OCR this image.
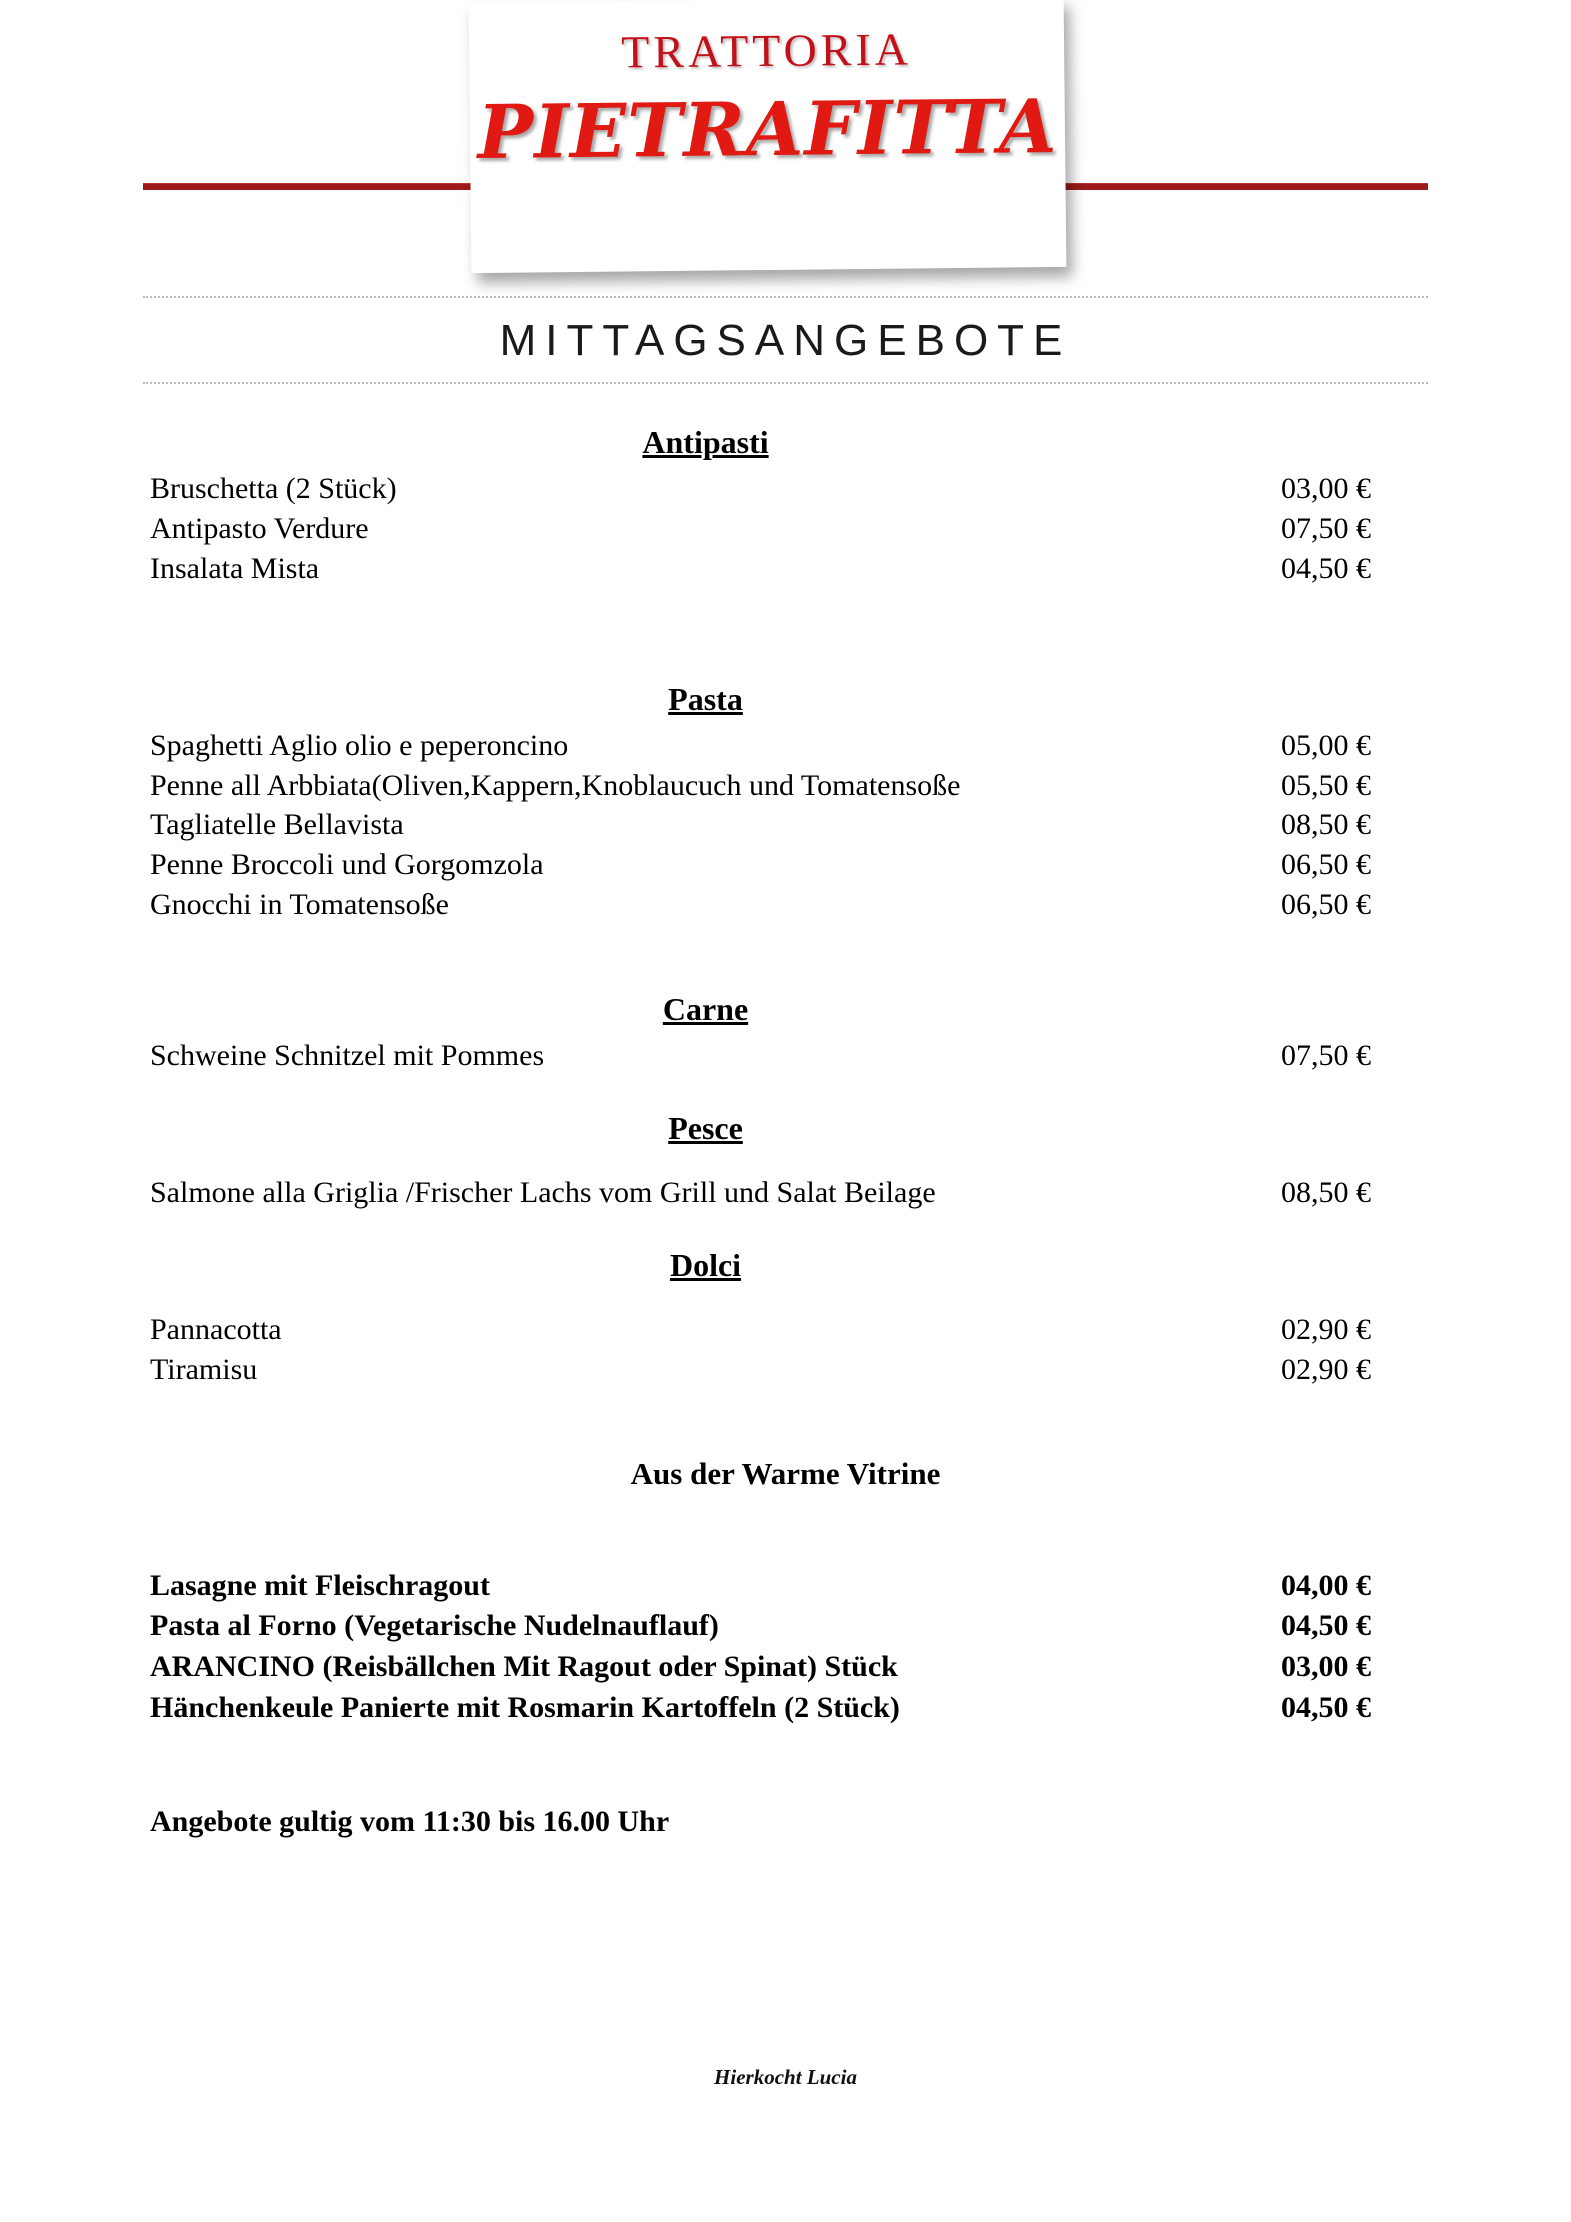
TRATTORIA
PIETRAFITTA
MITTAGSANGEBOTE
Antipasti
Bruschetta (2 Stück)	03,00 €
Antipasto Verdure	07,50 €
Insalata Mista	04,50 €
Pasta
Spaghetti Aglio olio e peperoncino	05,00 €
Penne all Arbbiata(Oliven,Kappern,Knoblaucuch und Tomatensoße	05,50 €
Tagliatelle Bellavista	08,50 €
Penne Broccoli und Gorgomzola	06,50 €
Gnocchi in Tomatensoße	06,50 €
Carne
Schweine Schnitzel mit Pommes	07,50 €
Pesce
Salmone alla Griglia /Frischer Lachs vom Grill und Salat Beilage	08,50 €
Dolci
Pannacotta	02,90 €
Tiramisu	02,90 €
Aus der Warme Vitrine
Lasagne mit Fleischragout	04,00 €
Pasta al Forno (Vegetarische Nudelnauflauf)	04,50 €
ARANCINO (Reisbällchen Mit Ragout oder Spinat) Stück	03,00 €
Hänchenkeule Panierte mit Rosmarin Kartoffeln (2 Stück)	04,50 €
Angebote gultig vom 11:30 bis 16.00 Uhr
Hierkocht Lucia
